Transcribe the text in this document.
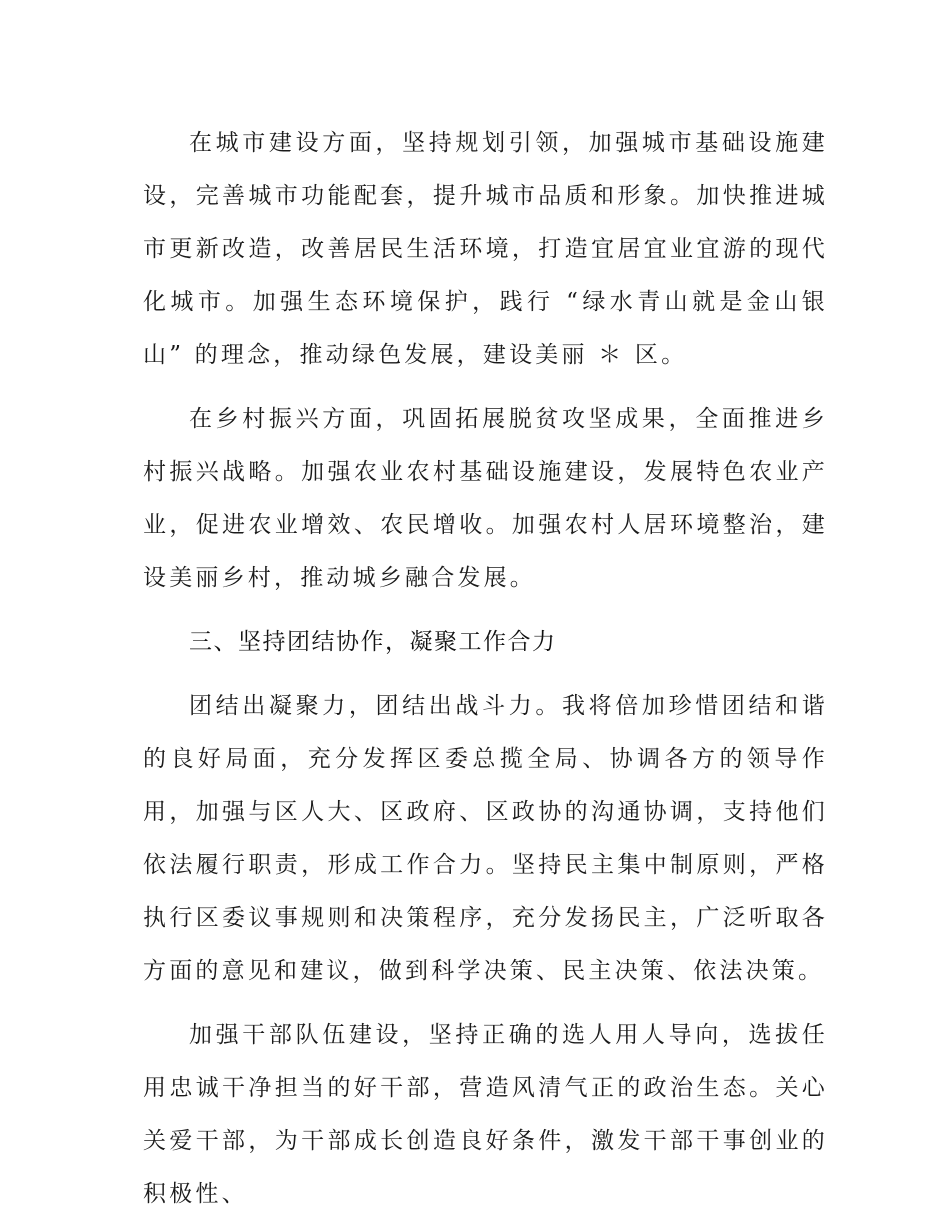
在城市建设方面，坚持规划引领，加强城市基础设施建设，完善城市功能配套，提升城市品质和形象。加快推进城市更新改造，改善居民生活环境，打造宜居宜业宜游的现代化城市。加强生态环境保护，践行 “绿水青山就是金山银山” 的理念，推动绿色发展，建设美丽 ＊ 区。

在乡村振兴方面，巩固拓展脱贫攻坚成果，全面推进乡村振兴战略。加强农业农村基础设施建设，发展特色农业产业，促进农业增效、农民增收。加强农村人居环境整治，建设美丽乡村，推动城乡融合发展。

三、坚持团结协作，凝聚工作合力

团结出凝聚力，团结出战斗力。我将倍加珍惜团结和谐的良好局面，充分发挥区委总揽全局、协调各方的领导作用，加强与区人大、区政府、区政协的沟通协调，支持他们依法履行职责，形成工作合力。坚持民主集中制原则，严格执行区委议事规则和决策程序，充分发扬民主，广泛听取各方面的意见和建议，做到科学决策、民主决策、依法决策。

加强干部队伍建设，坚持正确的选人用人导向，选拔任用忠诚干净担当的好干部，营造风清气正的政治生态。关心关爱干部，为干部成长创造良好条件，激发干部干事创业的积极性、
